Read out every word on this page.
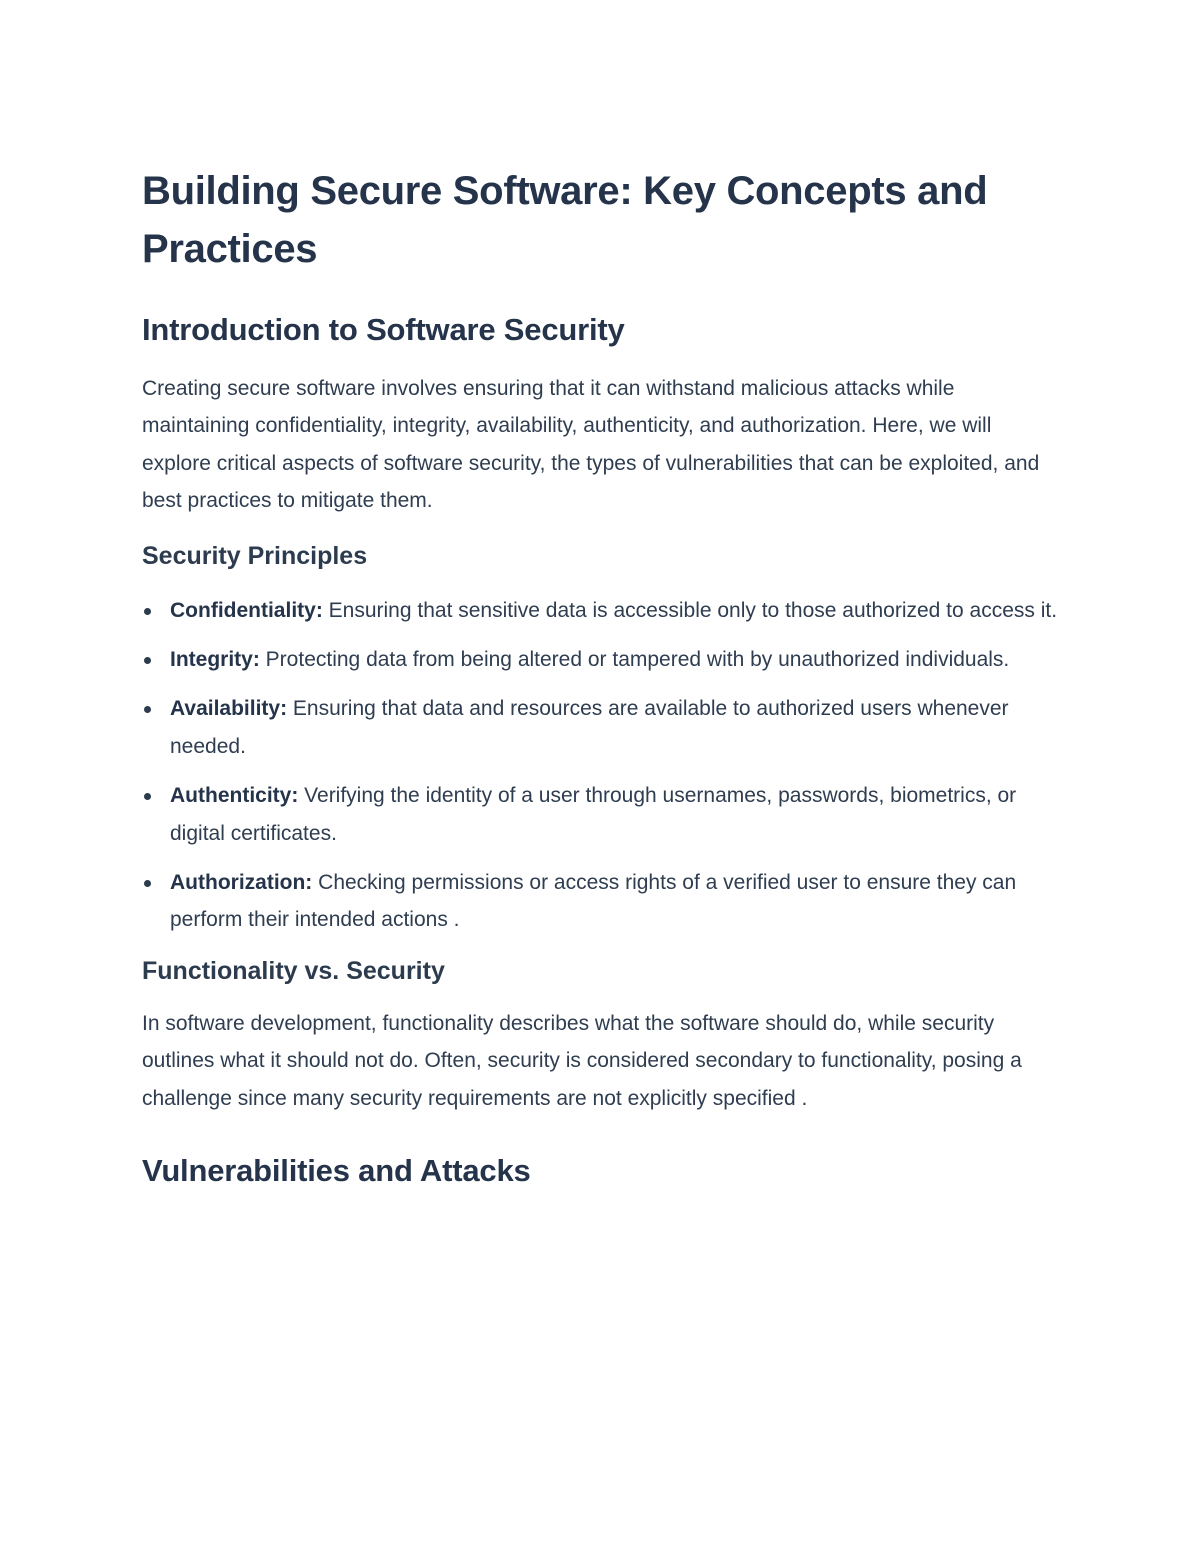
Building Secure Software: Key Concepts and Practices
Introduction to Software Security

Creating secure software involves ensuring that it can withstand malicious attacks while maintaining confidentiality, integrity, availability, authenticity, and authorization. Here, we will explore critical aspects of software security, the types of vulnerabilities that can be exploited, and best practices to mitigate them.

Security Principles
Confidentiality: Ensuring that sensitive data is accessible only to those authorized to access it.
Integrity: Protecting data from being altered or tampered with by unauthorized individuals.
Availability: Ensuring that data and resources are available to authorized users whenever needed.
Authenticity: Verifying the identity of a user through usernames, passwords, biometrics, or digital certificates.
Authorization: Checking permissions or access rights of a verified user to ensure they can perform their intended actions .
Functionality vs. Security

In software development, functionality describes what the software should do, while security outlines what it should not do. Often, security is considered secondary to functionality, posing a challenge since many security requirements are not explicitly specified .

Vulnerabilities and Attacks
